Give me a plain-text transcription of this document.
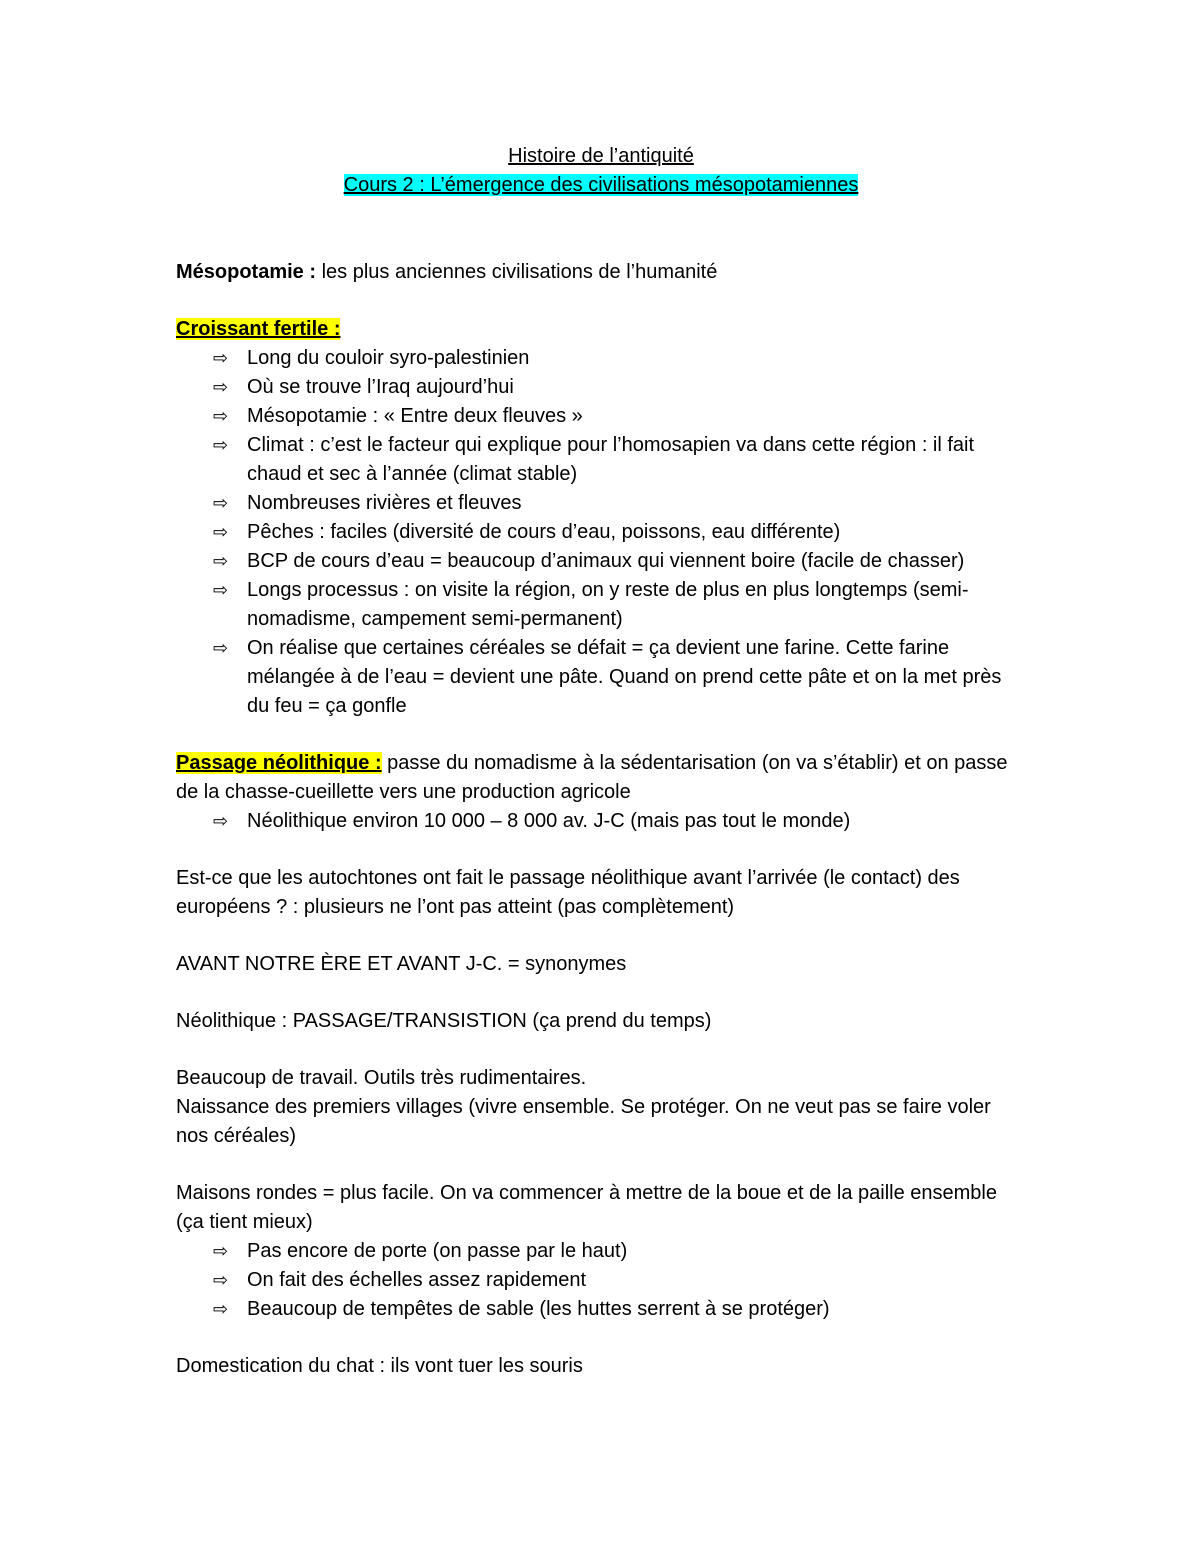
Histoire de l’antiquité
Cours 2 : L’émergence des civilisations mésopotamiennes

Mésopotamie : les plus anciennes civilisations de l’humanité

Croissant fertile :

⇨ Long du couloir syro-palestinien
⇨ Où se trouve l’Iraq aujourd’hui
⇨ Mésopotamie : « Entre deux fleuves »
⇨ Climat : c’est le facteur qui explique pour l’homosapien va dans cette région : il fait chaud et sec à l’année (climat stable)
⇨ Nombreuses rivières et fleuves
⇨ Pêches : faciles (diversité de cours d’eau, poissons, eau différente)
⇨ BCP de cours d’eau = beaucoup d’animaux qui viennent boire (facile de chasser)
⇨ Longs processus : on visite la région, on y reste de plus en plus longtemps (semi-nomadisme, campement semi-permanent)
⇨ On réalise que certaines céréales se défait = ça devient une farine. Cette farine mélangée à de l’eau = devient une pâte. Quand on prend cette pâte et on la met près du feu = ça gonfle

Passage néolithique : passe du nomadisme à la sédentarisation (on va s’établir) et on passe de la chasse-cueillette vers une production agricole

⇨ Néolithique environ 10 000 – 8 000 av. J-C (mais pas tout le monde)

Est-ce que les autochtones ont fait le passage néolithique avant l’arrivée (le contact) des européens ? : plusieurs ne l’ont pas atteint (pas complètement)

AVANT NOTRE ÈRE ET AVANT J-C. = synonymes

Néolithique : PASSAGE/TRANSISTION (ça prend du temps)

Beaucoup de travail. Outils très rudimentaires.

Naissance des premiers villages (vivre ensemble. Se protéger. On ne veut pas se faire voler nos céréales)

Maisons rondes = plus facile. On va commencer à mettre de la boue et de la paille ensemble (ça tient mieux)

⇨ Pas encore de porte (on passe par le haut)
⇨ On fait des échelles assez rapidement
⇨ Beaucoup de tempêtes de sable (les huttes serrent à se protéger)

Domestication du chat : ils vont tuer les souris
